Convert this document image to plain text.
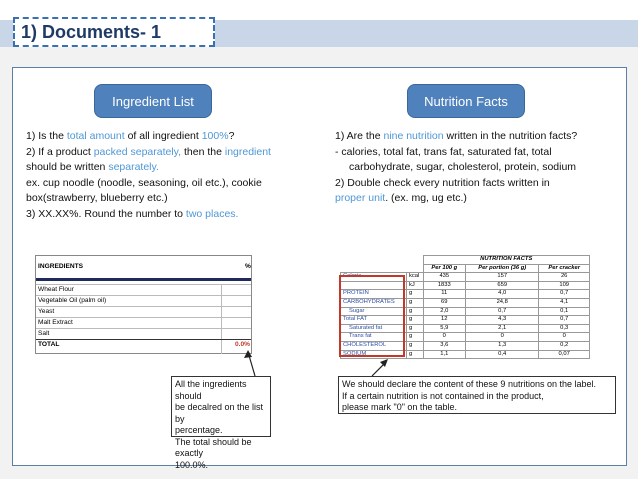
1) Documents- 1
Ingredient List	Nutrition Facts
1) Is the total amount of all ingredient 100%?
2) If a product packed separately, then the ingredient
should be written separately.
ex. cup noodle (noodle, seasoning, oil etc.), cookie
box(strawberry, blueberry etc.)
3) XX.XX%. Round the number to two places.
1) Are the nine nutrition written in the nutrition facts?
- calories, total fat, trans fat, saturated fat, total
carbohydrate, sugar, cholesterol, protein, sodium
2) Double check every nutrition facts written in
proper unit. (ex. mg, ug etc.)
INGREDIENTS	%
Wheat Flour
Vegetable Oil (palm oil)
Yeast
Malt Extract
Salt
TOTAL	0.0%
		NUTRITION FACTS		
		Per 100 g	Per portion (36 g)	Per cracker
Calorie	kcal	435	157	26
	kJ	1833	659	109
PROTEIN	g	11	4,0	0,7
CARBOHYDRATES	g	69	24,8	4,1
Sugar	g	2,0	0,7	0,1
Total FAT	g	12	4,3	0,7
Saturated fat	g	5,9	2,1	0,3
Trans fat	g	0	0	0
CHOLESTEROL	g	3,6	1,3	0,2
SODIUM	g	1,1	0,4	0,07
All the ingredients should
be decalred on the list by
percentage.
The total should be exactly
100.0%.
We should declare the content of these 9 nutritions on the label.
If a certain nutrition is not contained in the product,
please mark "0" on the table.
